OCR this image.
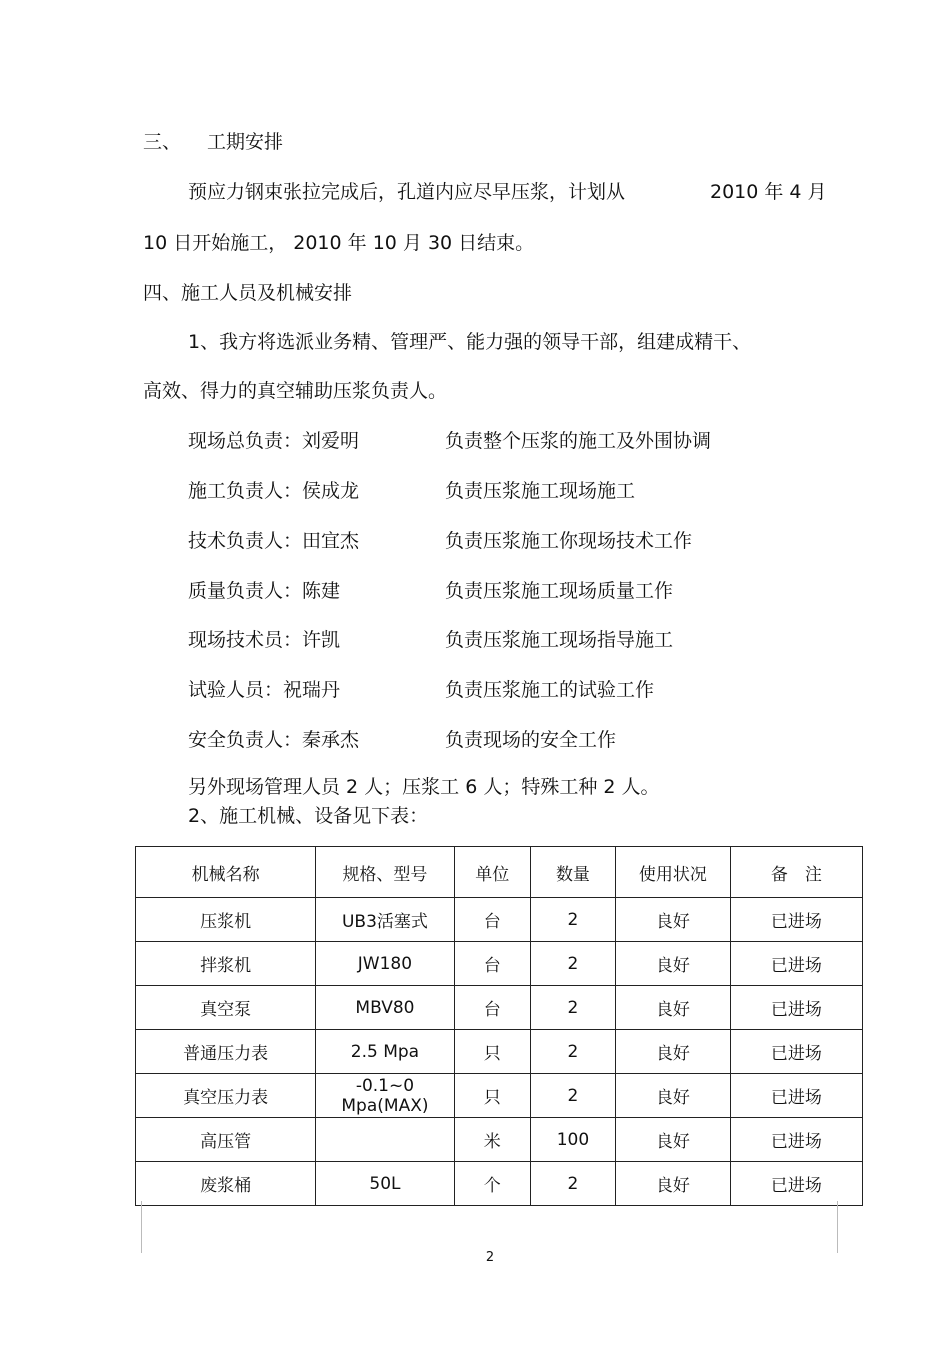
三、 工期安排
预应力钢束张拉完成后，孔道内应尽早压浆，计划从	2010 年 4 月
10 日开始施工， 2010 年 10 月 30 日结束。
四、施工人员及机械安排
1、我方将选派业务精、管理严、能力强的领导干部，组建成精干、
高效、得力的真空辅助压浆负责人。
现场总负责：刘爱明	负责整个压浆的施工及外围协调
施工负责人：侯成龙	负责压浆施工现场施工
技术负责人：田宜杰	负责压浆施工你现场技术工作
质量负责人：陈建	负责压浆施工现场质量工作
现场技术员：许凯	负责压浆施工现场指导施工
试验人员：祝瑞丹	负责压浆施工的试验工作
安全负责人：秦承杰	负责现场的安全工作
另外现场管理人员 2 人；压浆工 6 人；特殊工种 2 人。
2、施工机械、设备见下表：
机械名称	规格、型号	单位	数量	使用状况	备　注
压浆机	UB3活塞式	台	2	良好	已进场
拌浆机	JW180	台	2	良好	已进场
真空泵	MBV80	台	2	良好	已进场
普通压力表	2.5 Mpa	只	2	良好	已进场
真空压力表	-0.1~0 Mpa(MAX)	只	2	良好	已进场
高压管		米	100	良好	已进场
废浆桶	50L	个	2	良好	已进场
2
